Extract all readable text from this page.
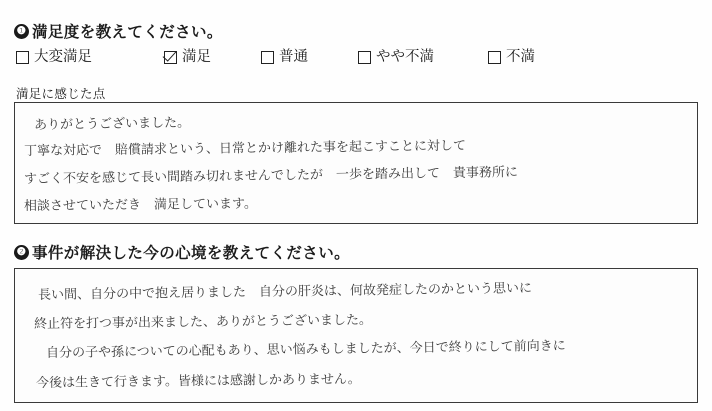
❶ 満足度を教えてください。
大変満足	満足	普通	やや不満	不満
満足に感じた点
ありがとうございました。
丁寧な対応で　賠償請求という、日常とかけ離れた事を起こすことに対して
すごく不安を感じて長い間踏み切れませんでしたが　一歩を踏み出して　貴事務所に
相談させていただき　満足しています。
❷ 事件が解決した今の心境を教えてください。
長い間、自分の中で抱え居りました　自分の肝炎は、何故発症したのかという思いに
終止符を打つ事が出来ました、ありがとうございました。
自分の子や孫についての心配もあり、思い悩みもしましたが、今日で終りにして前向きに
今後は生きて行きます。皆様には感謝しかありません。
